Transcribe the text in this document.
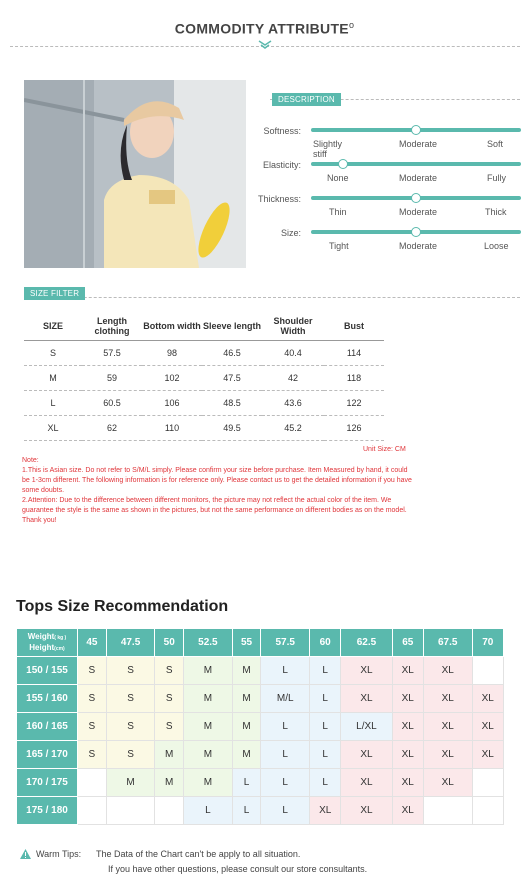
COMMODITY ATTRIBUTE$^o$
DESCRIPTION
Softness:
Slightly stiff
Moderate	Soft
Elasticity:
None	Moderate	Fully
Thickness:
Thin	Moderate	Thick
Size:
Tight	Moderate	Loose
SIZE FILTER
SIZE	Length clothing	Bottom width	Sleeve length	Shoulder Width	Bust
S	57.5	98	46.5	40.4	114
M	59	102	47.5	42	118
L	60.5	106	48.5	43.6	122
XL	62	110	49.5	45.2	126
Unit Size: CM
Note:
1.This is Asian size. Do not refer to S/M/L simply. Please confirm your size before purchase. Item Measured by hand, it could be 1-3cm different. The following information is for reference only. Please contact us to get the detailed information if you have some doubts.
2.Attention: Due to the difference between different monitors, the picture may not reflect the actual color of the item. We guarantee the style is the same as shown in the pictures, but not the same performance on different bodies as on the model. Thank you!
Tops Size Recommendation
Weight( kg )
Height(cm)	45	47.5	50	52.5	55	57.5	60	62.5	65	67.5	70
150 / 155	S	S	S	M	M	L	L	XL	XL	XL	
155 / 160	S	S	S	M	M	M/L	L	XL	XL	XL	XL
160 / 165	S	S	S	M	M	L	L	L/XL	XL	XL	XL
165 / 170	S	S	M	M	M	L	L	XL	XL	XL	XL
170 / 175		M	M	M	L	L	L	XL	XL	XL	
175 / 180				L	L	L	XL	XL	XL		
Warm Tips: The Data of the Chart can't be apply to all situation.
If you have other questions, please consult our store consultants.
